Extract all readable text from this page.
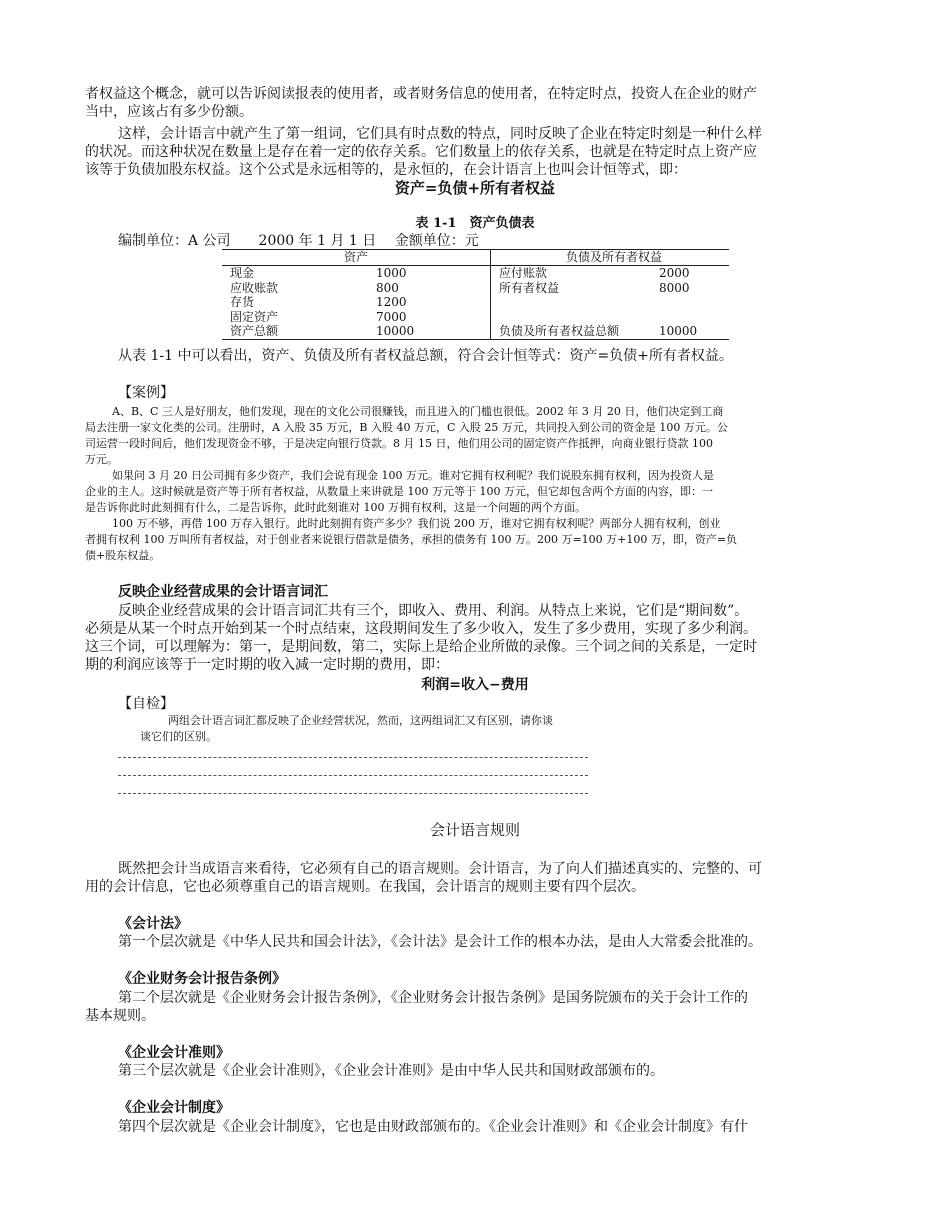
者权益这个概念，就可以告诉阅读报表的使用者，或者财务信息的使用者，在特定时点，投资人在企业的财产
当中，应该占有多少份额。
这样，会计语言中就产生了第一组词，它们具有时点数的特点，同时反映了企业在特定时刻是一种什么样
的状况。而这种状况在数量上是存在着一定的依存关系。它们数量上的依存关系，也就是在特定时点上资产应
该等于负债加股东权益。这个公式是永远相等的，是永恒的，在会计语言上也叫会计恒等式，即：
资产=负债+所有者权益
表 1-1　资产负债表
编制单位：A 公司　　2000 年 1 月 1 日　 金额单位：元
资产		负债及所有者权益	
现金	1000	应付账款	2000
应收账款	800	所有者权益	8000
存货	1200		
固定资产	7000		
资产总额	10000	负债及所有者权益总额	10000
从表 1-1 中可以看出，资产、负债及所有者权益总额，符合会计恒等式：资产=负债+所有者权益。
【案例】
A、B、C 三人是好朋友，他们发现，现在的文化公司很赚钱，而且进入的门槛也很低。2002 年 3 月 20 日，他们决定到工商
局去注册一家文化类的公司。注册时，A 入股 35 万元，B 入股 40 万元，C 入股 25 万元，共同投入到公司的资金是 100 万元。公
司运营一段时间后，他们发现资金不够，于是决定向银行贷款。8 月 15 日，他们用公司的固定资产作抵押，向商业银行贷款 100
万元。
如果问 3 月 20 日公司拥有多少资产，我们会说有现金 100 万元。谁对它拥有权利呢？我们说股东拥有权利，因为投资人是
企业的主人。这时候就是资产等于所有者权益，从数量上来讲就是 100 万元等于 100 万元，但它却包含两个方面的内容，即：一
是告诉你此时此刻拥有什么，二是告诉你，此时此刻谁对 100 万拥有权利，这是一个问题的两个方面。
100 万不够，再借 100 万存入银行。此时此刻拥有资产多少？我们说 200 万，谁对它拥有权利呢？两部分人拥有权利，创业
者拥有权利 100 万叫所有者权益，对于创业者来说银行借款是债务，承担的债务有 100 万。200 万=100 万+100 万，即，资产=负
债+股东权益。
反映企业经营成果的会计语言词汇
反映企业经营成果的会计语言词汇共有三个，即收入、费用、利润。从特点上来说，它们是“期间数”。
必须是从某一个时点开始到某一个时点结束，这段期间发生了多少收入，发生了多少费用，实现了多少利润。
这三个词，可以理解为：第一，是期间数，第二，实际上是给企业所做的录像。三个词之间的关系是，一定时
期的利润应该等于一定时期的收入减一定时期的费用，即：
利润=收入−费用
【自检】
两组会计语言词汇都反映了企业经营状况，然而，这两组词汇又有区别，请你谈
谈它们的区别。
会计语言规则
既然把会计当成语言来看待，它必须有自己的语言规则。会计语言，为了向人们描述真实的、完整的、可
用的会计信息，它也必须尊重自己的语言规则。在我国，会计语言的规则主要有四个层次。
《会计法》
第一个层次就是《中华人民共和国会计法》，《会计法》是会计工作的根本办法，是由人大常委会批准的。
《企业财务会计报告条例》
第二个层次就是《企业财务会计报告条例》，《企业财务会计报告条例》是国务院颁布的关于会计工作的
基本规则。
《企业会计准则》
第三个层次就是《企业会计准则》，《企业会计准则》是由中华人民共和国财政部颁布的。
《企业会计制度》
第四个层次就是《企业会计制度》，它也是由财政部颁布的。《企业会计准则》和《企业会计制度》有什
